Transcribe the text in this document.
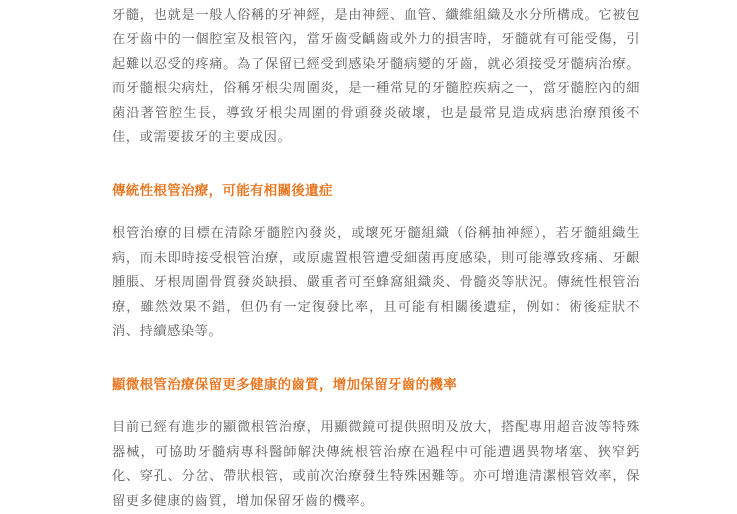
牙髓，也就是一般人俗稱的牙神經，是由神經、血管、纖維組織及水分所構成。它被包在牙齒中的一個腔室及根管內，當牙齒受齲齒或外力的損害時，牙髓就有可能受傷，引起難以忍受的疼痛。為了保留已經受到感染牙髓病變的牙齒，就必須接受牙髓病治療。而牙髓根尖病灶，俗稱牙根尖周圍炎，是一種常見的牙髓腔疾病之一，當牙髓腔內的細菌沿著管腔生長，導致牙根尖周圍的骨頭發炎破壞，也是最常見造成病患治療預後不佳，或需要拔牙的主要成因。

傳統性根管治療，可能有相關後遺症

根管治療的目標在清除牙髓腔內發炎，或壞死牙髓組織（俗稱抽神經），若牙髓組織生病，而未即時接受根管治療，或原處置根管遭受細菌再度感染，則可能導致疼痛、牙齦腫脹、牙根周圍骨質發炎缺損、嚴重者可至蜂窩組織炎、骨髓炎等狀況。傳統性根管治療，雖然效果不錯，但仍有一定復發比率，且可能有相關後遺症，例如：術後症狀不消、持續感染等。

顯微根管治療保留更多健康的齒質，增加保留牙齒的機率

目前已經有進步的顯微根管治療，用顯微鏡可提供照明及放大，搭配專用超音波等特殊器械，可協助牙髓病專科醫師解決傳統根管治療在過程中可能遭遇異物堵塞、狹窄鈣化、穿孔、分岔、帶狀根管，或前次治療發生特殊困難等。亦可增進清潔根管效率，保留更多健康的齒質，增加保留牙齒的機率。
